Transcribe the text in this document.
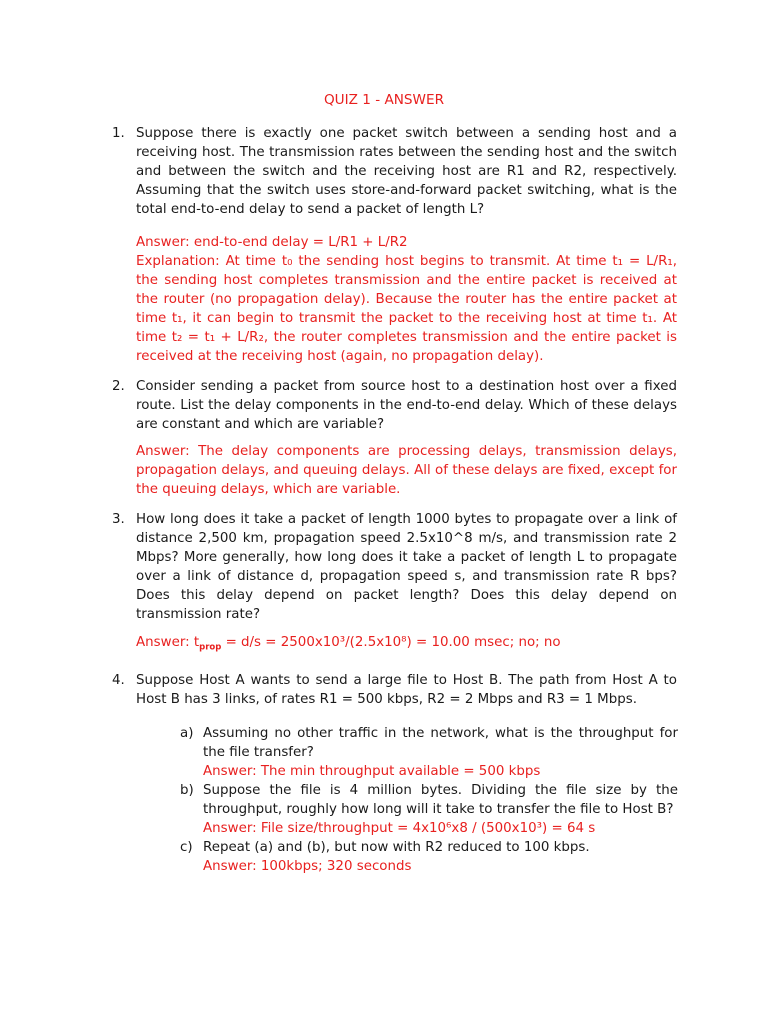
QUIZ 1 - ANSWER
1. Suppose there is exactly one packet switch between a sending host and a receiving host. The transmission rates between the sending host and the switch and between the switch and the receiving host are R1 and R2, respectively. Assuming that the switch uses store-and-forward packet switching, what is the total end-to-end delay to send a packet of length L?
Answer: end-to-end delay = L/R1 + L/R2
Explanation: At time t₀ the sending host begins to transmit. At time t₁ = L/R₁, the sending host completes transmission and the entire packet is received at the router (no propagation delay). Because the router has the entire packet at time t₁, it can begin to transmit the packet to the receiving host at time t₁. At time t₂ = t₁ + L/R₂, the router completes transmission and the entire packet is received at the receiving host (again, no propagation delay).
2. Consider sending a packet from source host to a destination host over a fixed route. List the delay components in the end-to-end delay. Which of these delays are constant and which are variable?
Answer: The delay components are processing delays, transmission delays, propagation delays, and queuing delays. All of these delays are fixed, except for the queuing delays, which are variable.
3. How long does it take a packet of length 1000 bytes to propagate over a link of distance 2,500 km, propagation speed 2.5x10^8 m/s, and transmission rate 2 Mbps? More generally, how long does it take a packet of length L to propagate over a link of distance d, propagation speed s, and transmission rate R bps? Does this delay depend on packet length? Does this delay depend on transmission rate?
Answer: $t_{prop} = d/s = 2500x10^3/(2.5x10^8) = 10.00$ msec; no; no
4. Suppose Host A wants to send a large file to Host B. The path from Host A to Host B has 3 links, of rates R1 = 500 kbps, R2 = 2 Mbps and R3 = 1 Mbps.
a) Assuming no other traffic in the network, what is the throughput for the file transfer?
Answer: The min throughput available = 500 kbps
b) Suppose the file is 4 million bytes. Dividing the file size by the throughput, roughly how long will it take to transfer the file to Host B?
Answer: File size/throughput = 4x10⁶x8 / (500x10³) = 64 s
c) Repeat (a) and (b), but now with R2 reduced to 100 kbps.
Answer: 100kbps; 320 seconds
